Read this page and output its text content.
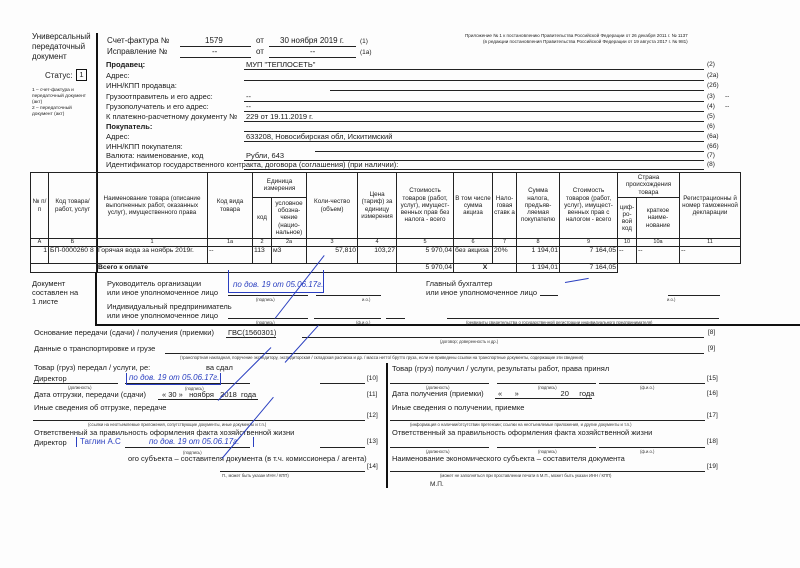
Универсальный
передаточный
документ
Статус: 1
1 – счет-фактура и
передаточный документ
(акт)
2 – передаточный
документ (акт)
Приложение № 1 к постановлению Правительства Российской Федерации от 26 декабря 2011 г. № 1137
(в редакции постановления Правительства Российской Федерации от 19 августа 2017 г. № 981)
Счет-фактура №	1579	от 30 ноября 2019 г. (1)
Исправление №	--	от	--	(1а)
Продавец:	МУП "ТЕПЛОСЕТЬ"	(2)
Адрес:	(2а)
ИНН/КПП продавца:	(2б)
Грузоотправитель и его адрес:	--	(3) --
Грузополучатель и его адрес:	--	(4) --
К платежно-расчетному документу № 229 от 19.11.2019 г.	(5)
Покупатель:	(6)
Адрес:	633208, Новосибирская обл, Искитимский	(6а)
ИНН/КПП покупателя:	(6б)
Валюта: наименование, код	Рубли, 643	(7)
Идентификатор государственного контракта, договора (соглашения) (при наличии):	(8)
№ п/п	Код товара/ работ, услуг	Наименование товара (описание выполненных работ, оказанных услуг), имущественного права	Код вида товара	Единица измерения		Коли-чество (объем)	Цена (тариф) за единицу измерения	Стоимость товаров (работ, услуг), имущест-венных прав без налога - всего	В том числе сумма акциза	Нало-говая ставк а	Сумма налога, предъяв-ляемая покупателю	Стоимость товаров (работ, услуг), имущест-венных прав с налогом - всего	Страна происхождения товара		Регистрационны й номер таможенной декларации
				код	условное обозна-чение (нацио-нальное)								циф-ро-вой код	краткое наиме-нование	
А	Б	1	1а	2	2а	3	4	5	6	7	8	9	10	10а	11
1	БП-0000260 8	Горячая вода за ноябрь 2019г.	--	113	м3	57,810	103,27	5 970,04	без акциза	20%	1 194,01	7 164,05	--	--	--
		Всего к оплате						5 970,04	X		1 194,01	7 164,05			
Документ
составлен на
1 листе
Руководитель организации
или иное уполномоченное лицо
(подпись)	и.о.)
Главный бухгалтер
или иное уполномоченное лицо
и.о.)
Индивидуальный предприниматель
или иное уполномоченное лицо
(подпись)	(ф.и.о.)	(реквизиты свидетельства о государственной регистрации индивидуального предпринимателя)
Основание передачи (сдачи) / получения (приемки) ГВС(1560301)	[8]
(договор; доверенность и др.)
Данные о транспортировке и грузе	[9]
(транспортная накладная, поручение экспедитору, экспедиторская / складская расписка и др. / масса нетто/ брутто груза, если не приведены ссылки на транспортные документы, содержащие эти сведения)
Товар (груз) передал / услуги, ре:	ва сдал
Директор
(должность)	(подпись)
[10]
Дата отгрузки, передачи (сдачи) « 30 »   ноября   2018  года	[11]
Иные сведения об отгрузке, передаче
[12]
(ссылки на неотъемлемые приложения, сопутствующие документы, иные документы и т.п.)
Ответственный за правильность оформления факта хозяйственной жизни
Директор
(подпись)
[13]
ого субъекта – составителя документа (в т.ч. комиссионера / агента)
[14]
П., может быть указан ИНН / КПП)
Товар (груз) получил / услуги, результаты работ, права принял
(должность)	(подпись)	(ф.и.о.)
[15]
Дата получения (приемки) «      »                    20     года	[16]
Иные сведения о получении, приемке
[17]
(информация о наличии/отсутствии претензии; ссылки на неотъемлемые приложения, и другие документы и т.п.)
Ответственный за правильность оформления факта хозяйственной жизни
(должность)	(подпись)	(ф.и.о.)
[18]
Наименование экономического субъекта – составителя документа
[19]
(может не заполняться при проставлении печати в М.П., может быть указан ИНН / КПП)
М.П.
по дов. 19 от 05.06.17г.
по дов. 19 от 05.06.17г.
Таглин А.С	по дов. 19 от 05.06.17г.
